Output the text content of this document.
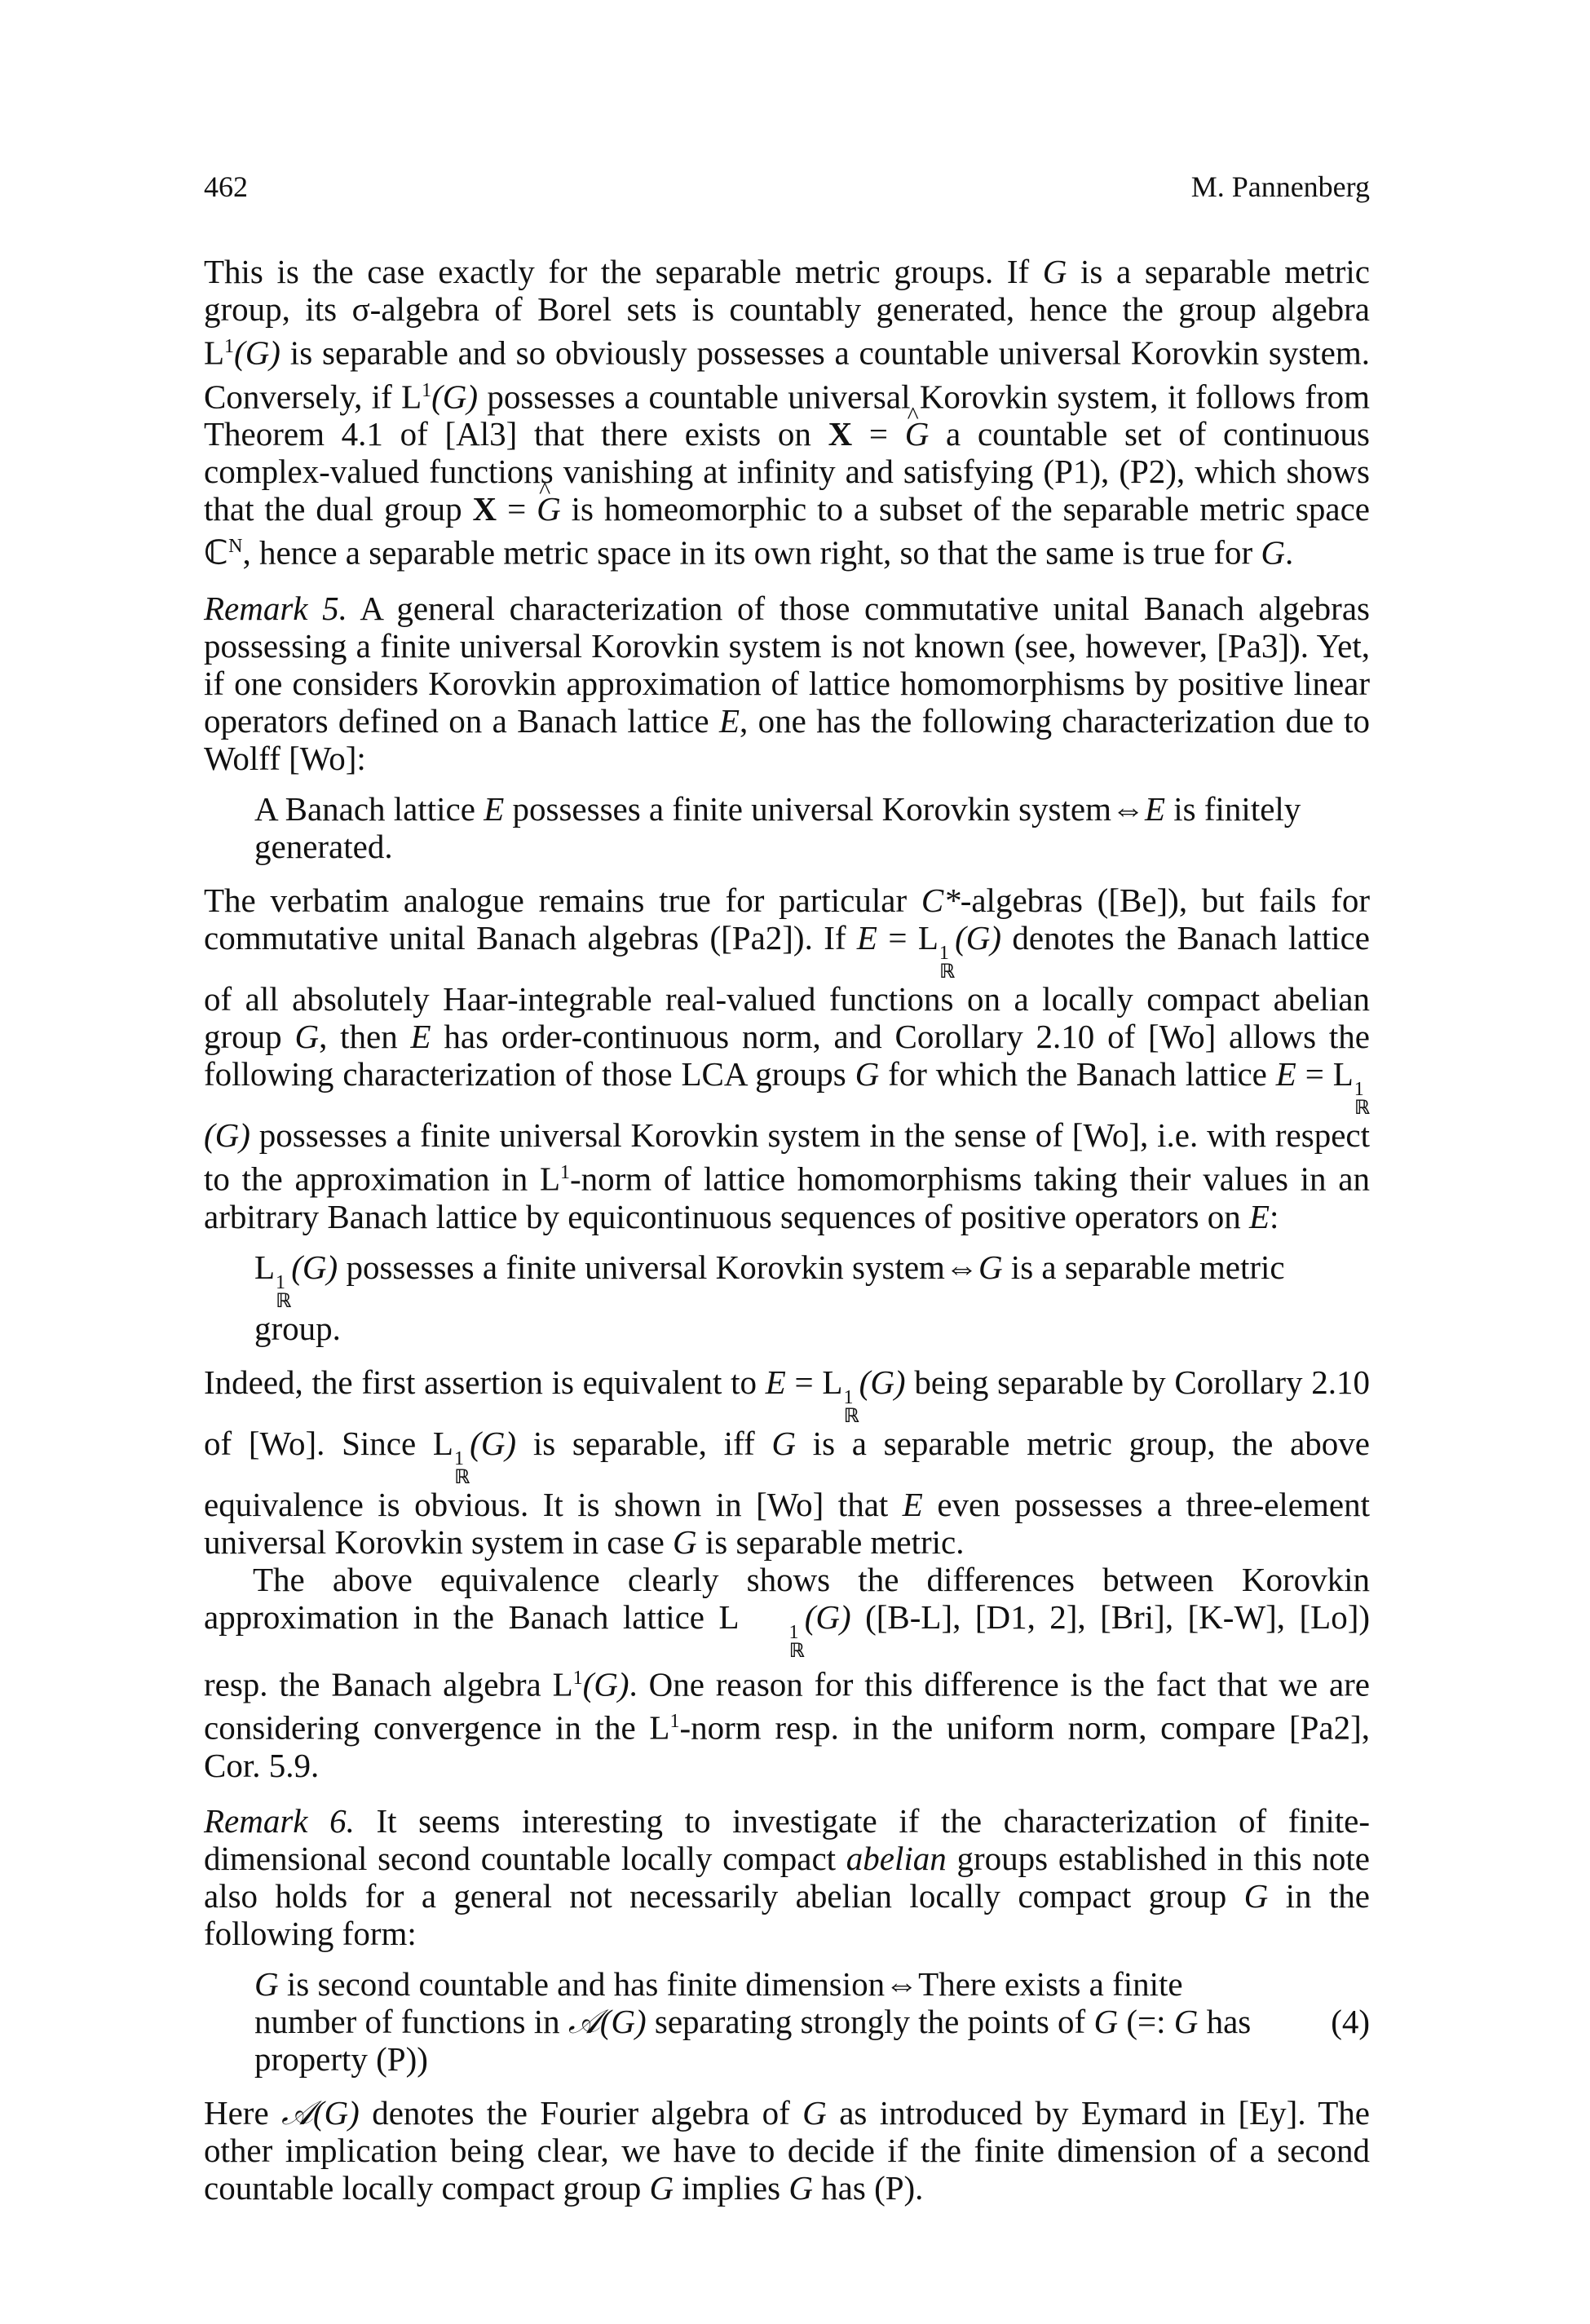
462	M. Pannenberg

This is the case exactly for the separable metric groups. If G is a separable metric group, its σ-algebra of Borel sets is countably generated, hence the group algebra $L^1(G)$ is separable and so obviously possesses a countable universal Korovkin system. Conversely, if $L^1(G)$ possesses a countable universal Korovkin system, it follows from Theorem 4.1 of [Al3] that there exists on X = ^ G a countable set of continuous complex-valued functions vanishing at infinity and satisfying (P1), (P2), which shows that the dual group X = ^ G is homeomorphic to a subset of the separable metric space ℂ$^N$, hence a separable metric space in its own right, so that the same is true for G.

Remark 5. A general characterization of those commutative unital Banach algebras possessing a finite universal Korovkin system is not known (see, however, [Pa3]). Yet, if one considers Korovkin approximation of lattice homomorphisms by positive linear operators defined on a Banach lattice E, one has the following characterization due to Wolff [Wo]:

A Banach lattice E possesses a finite universal Korovkin system⇔E is finitely generated.

The verbatim analogue remains true for particular C*-algebras ([Be]), but fails for commutative unital Banach algebras ([Pa2]). If E = L 1
ℝ
(G) denotes the Banach lattice of all absolutely Haar-integrable real-valued functions on a locally compact abelian group G, then E has order-continuous norm, and Corollary 2.10 of [Wo] allows the following characterization of those LCA groups G for which the Banach lattice E = L 1
ℝ
(G) possesses a finite universal Korovkin system in the sense of [Wo], i.e. with respect to the approximation in $L^1$-norm of lattice homomorphisms taking their values in an arbitrary Banach lattice by equicontinuous sequences of positive operators on E:

L 1
ℝ
(G) possesses a finite universal Korovkin system⇔G is a separable metric group.

Indeed, the first assertion is equivalent to E = L 1
ℝ
(G) being separable by Corollary 2.10 of [Wo]. Since L 1
ℝ
(G) is separable, iff G is a separable metric group, the above equivalence is obvious. It is shown in [Wo] that E even possesses a three-element universal Korovkin system in case G is separable metric.

The above equivalence clearly shows the differences between Korovkin approximation in the Banach lattice L	1
ℝ
(G) ([B-L], [D1, 2], [Bri], [K-W], [Lo]) resp. the Banach algebra $L^1(G)$. One reason for this difference is the fact that we are considering convergence in the $L^1$-norm resp. in the uniform norm, compare [Pa2], Cor. 5.9.

Remark 6. It seems interesting to investigate if the characterization of finite-dimensional second countable locally compact abelian groups established in this note also holds for a general not necessarily abelian locally compact group G in the following form:

G is second countable and has finite dimension⇔There exists a finite number of functions in 𝒜(G) separating strongly the points of G (=: G has property (P))

(4)

Here 𝒜(G) denotes the Fourier algebra of G as introduced by Eymard in [Ey]. The other implication being clear, we have to decide if the finite dimension of a second countable locally compact group G implies G has (P).
